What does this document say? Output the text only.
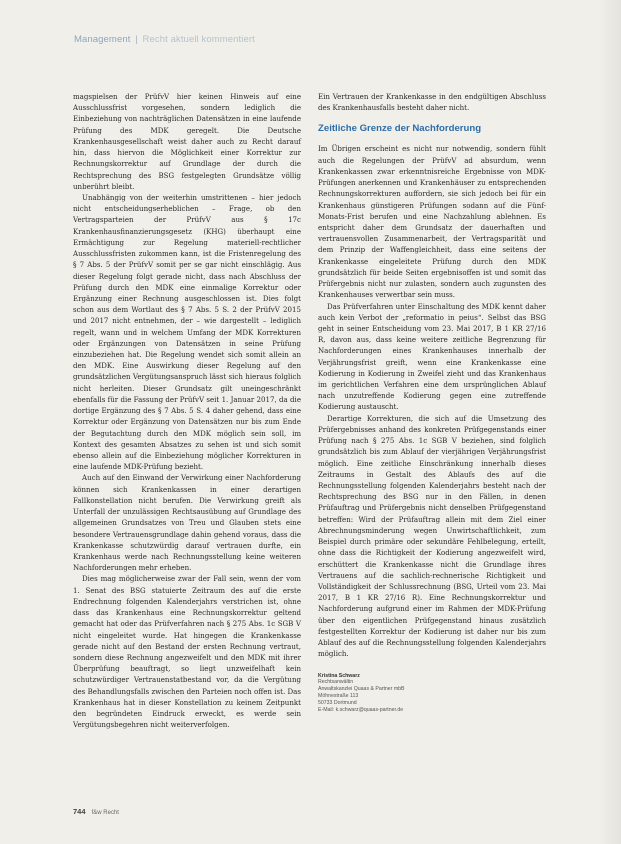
Management | Recht aktuell kommentiert

magspielsen der PrüfvV hier keinen Hinweis auf eine Ausschlussfrist vorgesehen, sondern lediglich die Einbeziehung von nachträglichen Datensätzen in eine laufende Prüfung des MDK geregelt. Die Deutsche Krankenhausgesellschaft weist daher auch zu Recht darauf hin, dass hiervon die Möglichkeit einer Korrektur zur Rechnungskorrektur auf Grundlage der durch die Rechtsprechung des BSG festgelegten Grundsätze völlig unberührt bleibt.

Unabhängig von der weiterhin umstrittenen – hier jedoch nicht entscheidungserheblichen – Frage, ob den Vertragsparteien der PrüfvV aus § 17c Krankenhausfinanzierungsgesetz (KHG) überhaupt eine Ermächtigung zur Regelung materiell-rechtlicher Ausschlussfristen zukommen kann, ist die Fristenregelung des § 7 Abs. 5 der PrüfvV somit per se gar nicht einschlägig. Aus dieser Regelung folgt gerade nicht, dass nach Abschluss der Prüfung durch den MDK eine einmalige Korrektur oder Ergänzung einer Rechnung ausgeschlossen ist. Dies folgt schon aus dem Wortlaut des § 7 Abs. 5 S. 2 der PrüfvV 2015 und 2017 nicht entnehmen, der – wie dargestellt – lediglich regelt, wann und in welchem Umfang der MDK Korrekturen oder Ergänzungen von Datensätzen in seine Prüfung einzubeziehen hat. Die Regelung wendet sich somit allein an den MDK. Eine Auswirkung dieser Regelung auf den grundsätzlichen Vergütungsanspruch lässt sich hieraus folglich nicht herleiten. Dieser Grundsatz gilt uneingeschränkt ebenfalls für die Fassung der PrüfvV seit 1. Januar 2017, da die dortige Ergänzung des § 7 Abs. 5 S. 4 daher gehend, dass eine Korrektur oder Ergänzung von Datensätzen nur bis zum Ende der Begutachtung durch den MDK möglich sein soll, im Kontext des gesamten Absatzes zu sehen ist und sich somit ebenso allein auf die Einbeziehung möglicher Korrekturen in eine laufende MDK-Prüfung bezieht.

Auch auf den Einwand der Verwirkung einer Nachforderung können sich Krankenkassen in einer derartigen Fallkonstellation nicht berufen. Die Verwirkung greift als Unterfall der unzulässigen Rechtsausübung auf Grundlage des allgemeinen Grundsatzes von Treu und Glauben stets eine besondere Vertrauensgrundlage dahin gehend voraus, dass die Krankenkasse schutzwürdig darauf vertrauen durfte, ein Krankenhaus werde nach Rechnungsstellung keine weiteren Nachforderungen mehr erheben.

Dies mag möglicherweise zwar der Fall sein, wenn der vom 1. Senat des BSG statuierte Zeitraum des auf die erste Endrechnung folgenden Kalenderjahrs verstrichen ist, ohne dass das Krankenhaus eine Rechnungskorrektur geltend gemacht hat oder das Prüfverfahren nach § 275 Abs. 1c SGB V nicht eingeleitet wurde. Hat hingegen die Krankenkasse gerade nicht auf den Bestand der ersten Rechnung vertraut, sondern diese Rechnung angezweifelt und den MDK mit ihrer Überprüfung beauftragt, so liegt unzweifelhaft kein schutzwürdiger Vertrauenstatbestand vor, da die Vergütung des Behandlungsfalls zwischen den Parteien noch offen ist. Das Krankenhaus hat in dieser Konstellation zu keinem Zeitpunkt den begründeten Eindruck erweckt, es werde sein Vergütungsbegehren nicht weiterverfolgen.

Ein Vertrauen der Krankenkasse in den endgültigen Abschluss des Krankenhausfalls besteht daher nicht.

Zeitliche Grenze der Nachforderung

Im Übrigen erscheint es nicht nur notwendig, sondern fühlt auch die Regelungen der PrüfvV ad absurdum, wenn Krankenkassen zwar erkenntnisreiche Ergebnisse von MDK-Prüfungen anerkennen und Krankenhäuser zu entsprechenden Rechnungskorrekturen auffordern, sie sich jedoch bei für ein Krankenhaus günstigeren Prüfungen sodann auf die Fünf-Monats-Frist berufen und eine Nachzahlung ablehnen. Es entspricht daher dem Grundsatz der dauerhaften und vertrauensvollen Zusammenarbeit, der Vertragsparität und dem Prinzip der Waffengleichheit, dass eine seitens der Krankenkasse eingeleitete Prüfung durch den MDK grundsätzlich für beide Seiten ergebnisoffen ist und somit das Prüfergebnis nicht nur zulasten, sondern auch zugunsten des Krankenhauses verwertbar sein muss.

Das Prüfverfahren unter Einschaltung des MDK kennt daher auch kein Verbot der „reformatio in peius“. Selbst das BSG geht in seiner Entscheidung vom 23. Mai 2017, B 1 KR 27/16 R, davon aus, dass keine weitere zeitliche Begrenzung für Nachforderungen eines Krankenhauses innerhalb der Verjährungsfrist greift, wenn eine Krankenkasse eine Kodierung in Kodierung in Zweifel zieht und das Krankenhaus im gerichtlichen Verfahren eine dem ursprünglichen Ablauf nach unzutreffende Kodierung gegen eine zutreffende Kodierung austauscht.

Derartige Korrekturen, die sich auf die Umsetzung des Prüfergebnisses anhand des konkreten Prüfgegenstands einer Prüfung nach § 275 Abs. 1c SGB V beziehen, sind folglich grundsätzlich bis zum Ablauf der vierjährigen Verjährungsfrist möglich. Eine zeitliche Einschränkung innerhalb dieses Zeitraums in Gestalt des Ablaufs des auf die Rechnungsstellung folgenden Kalenderjahrs besteht nach der Rechtsprechung des BSG nur in den Fällen, in denen Prüfauftrag und Prüfergebnis nicht denselben Prüfgegenstand betreffen: Wird der Prüfauftrag allein mit dem Ziel einer Abrechnungsminderung wegen Unwirtschaftlichkeit, zum Beispiel durch primäre oder sekundäre Fehlbelegung, erteilt, ohne dass die Richtigkeit der Kodierung angezweifelt wird, erschüttert die Krankenkasse nicht die Grundlage ihres Vertrauens auf die sachlich-rechnerische Richtigkeit und Vollständigkeit der Schlussrechnung (BSG, Urteil vom 23. Mai 2017, B 1 KR 27/16 R). Eine Rechnungskorrektur und Nachforderung aufgrund einer im Rahmen der MDK-Prüfung über den eigentlichen Prüfgegenstand hinaus zusätzlich festgestellten Korrektur der Kodierung ist daher nur bis zum Ablauf des auf die Rechnungsstellung folgenden Kalenderjahrs möglich.

Kristina Schwarz
Rechtsanwältin
Anwaltskanzlei Quaas & Partner mbB
Möhnestraße 113
50733 Dortmund
E-Mail: k.schwarz@quaas-partner.de
744 f&w Recht
